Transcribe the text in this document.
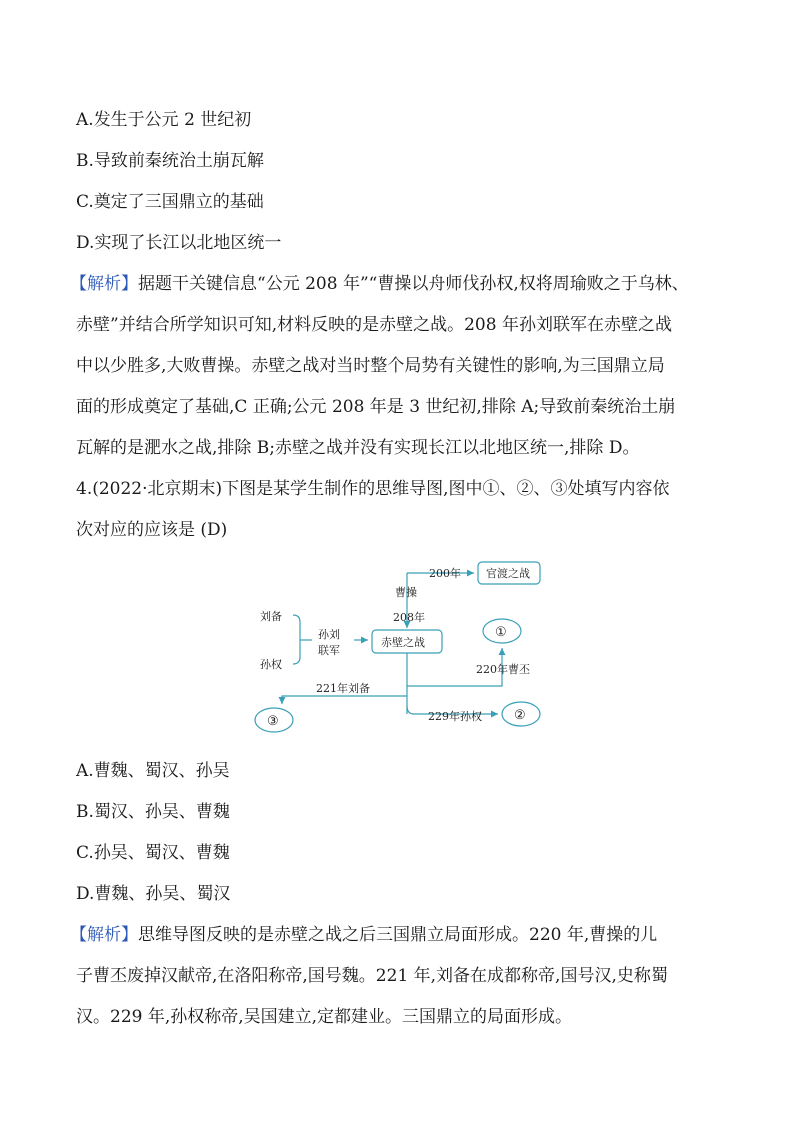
A.发生于公元 2 世纪初
B.导致前秦统治土崩瓦解
C.奠定了三国鼎立的基础
D.实现了长江以北地区统一
【解析】据题干关键信息“公元 208 年”“曹操以舟师伐孙权,权将周瑜败之于乌林、
赤壁”并结合所学知识可知,材料反映的是赤壁之战。208 年孙刘联军在赤壁之战
中以少胜多,大败曹操。赤壁之战对当时整个局势有关键性的影响,为三国鼎立局
面的形成奠定了基础,C 正确;公元 208 年是 3 世纪初,排除 A;导致前秦统治土崩
瓦解的是淝水之战,排除 B;赤壁之战并没有实现长江以北地区统一,排除 D。
4.(2022·北京期末)下图是某学生制作的思维导图,图中①、②、③处填写内容依
次对应的应该是 (D)
A.曹魏、蜀汉、孙吴
B.蜀汉、孙吴、曹魏
C.孙吴、蜀汉、曹魏
D.曹魏、孙吴、蜀汉
【解析】思维导图反映的是赤壁之战之后三国鼎立局面形成。220 年,曹操的儿
子曹丕废掉汉献帝,在洛阳称帝,国号魏。221 年,刘备在成都称帝,国号汉,史称蜀
汉。229 年,孙权称帝,吴国建立,定都建业。三国鼎立的局面形成。
刘备
孙权
孙刘
联军
赤壁之战
官渡之战
200年
曹操
208年
220年曹丕
221年刘备
229年孙权
①
②
③
